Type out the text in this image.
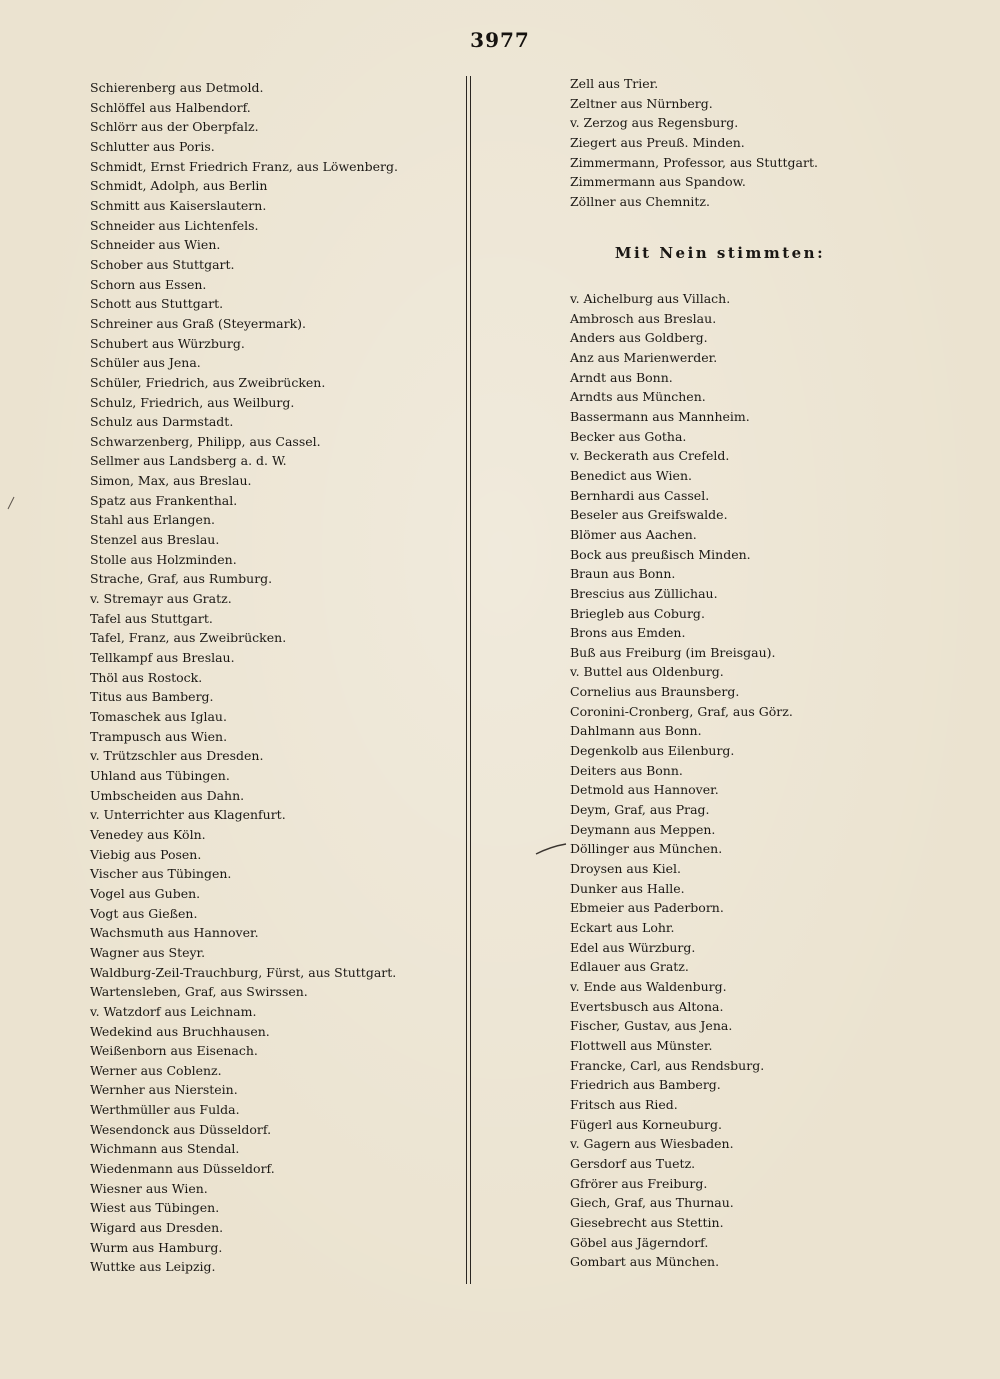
3977
Schierenberg aus Detmold.
Schlöffel aus Halbendorf.
Schlörr aus der Oberpfalz.
Schlutter aus Poris.
Schmidt, Ernst Friedrich Franz, aus Löwenberg.
Schmidt, Adolph, aus Berlin
Schmitt aus Kaiserslautern.
Schneider aus Lichtenfels.
Schneider aus Wien.
Schober aus Stuttgart.
Schorn aus Essen.
Schott aus Stuttgart.
Schreiner aus Graß (Steyermark).
Schubert aus Würzburg.
Schüler aus Jena.
Schüler, Friedrich, aus Zweibrücken.
Schulz, Friedrich, aus Weilburg.
Schulz aus Darmstadt.
Schwarzenberg, Philipp, aus Cassel.
Sellmer aus Landsberg a. d. W.
Simon, Max, aus Breslau.
Spatz aus Frankenthal.
Stahl aus Erlangen.
Stenzel aus Breslau.
Stolle aus Holzminden.
Strache, Graf, aus Rumburg.
v. Stremayr aus Gratz.
Tafel aus Stuttgart.
Tafel, Franz, aus Zweibrücken.
Tellkampf aus Breslau.
Thöl aus Rostock.
Titus aus Bamberg.
Tomaschek aus Iglau.
Trampusch aus Wien.
v. Trützschler aus Dresden.
Uhland aus Tübingen.
Umbscheiden aus Dahn.
v. Unterrichter aus Klagenfurt.
Venedey aus Köln.
Viebig aus Posen.
Vischer aus Tübingen.
Vogel aus Guben.
Vogt aus Gießen.
Wachsmuth aus Hannover.
Wagner aus Steyr.
Waldburg-Zeil-Trauchburg, Fürst, aus Stuttgart.
Wartensleben, Graf, aus Swirssen.
v. Watzdorf aus Leichnam.
Wedekind aus Bruchhausen.
Weißenborn aus Eisenach.
Werner aus Coblenz.
Wernher aus Nierstein.
Werthmüller aus Fulda.
Wesendonck aus Düsseldorf.
Wichmann aus Stendal.
Wiedenmann aus Düsseldorf.
Wiesner aus Wien.
Wiest aus Tübingen.
Wigard aus Dresden.
Wurm aus Hamburg.
Wuttke aus Leipzig.
Zell aus Trier.
Zeltner aus Nürnberg.
v. Zerzog aus Regensburg.
Ziegert aus Preuß. Minden.
Zimmermann, Professor, aus Stuttgart.
Zimmermann aus Spandow.
Zöllner aus Chemnitz.
Mit Nein stimmten:
v. Aichelburg aus Villach.
Ambrosch aus Breslau.
Anders aus Goldberg.
Anz aus Marienwerder.
Arndt aus Bonn.
Arndts aus München.
Bassermann aus Mannheim.
Becker aus Gotha.
v. Beckerath aus Crefeld.
Benedict aus Wien.
Bernhardi aus Cassel.
Beseler aus Greifswalde.
Blömer aus Aachen.
Bock aus preußisch Minden.
Braun aus Bonn.
Brescius aus Züllichau.
Briegleb aus Coburg.
Brons aus Emden.
Buß aus Freiburg (im Breisgau).
v. Buttel aus Oldenburg.
Cornelius aus Braunsberg.
Coronini-Cronberg, Graf, aus Görz.
Dahlmann aus Bonn.
Degenkolb aus Eilenburg.
Deiters aus Bonn.
Detmold aus Hannover.
Deym, Graf, aus Prag.
Deymann aus Meppen.
Döllinger aus München.
Droysen aus Kiel.
Dunker aus Halle.
Ebmeier aus Paderborn.
Eckart aus Lohr.
Edel aus Würzburg.
Edlauer aus Gratz.
v. Ende aus Waldenburg.
Evertsbusch aus Altona.
Fischer, Gustav, aus Jena.
Flottwell aus Münster.
Francke, Carl, aus Rendsburg.
Friedrich aus Bamberg.
Fritsch aus Ried.
Fügerl aus Korneuburg.
v. Gagern aus Wiesbaden.
Gersdorf aus Tuetz.
Gfrörer aus Freiburg.
Giech, Graf, aus Thurnau.
Giesebrecht aus Stettin.
Göbel aus Jägerndorf.
Gombart aus München.
